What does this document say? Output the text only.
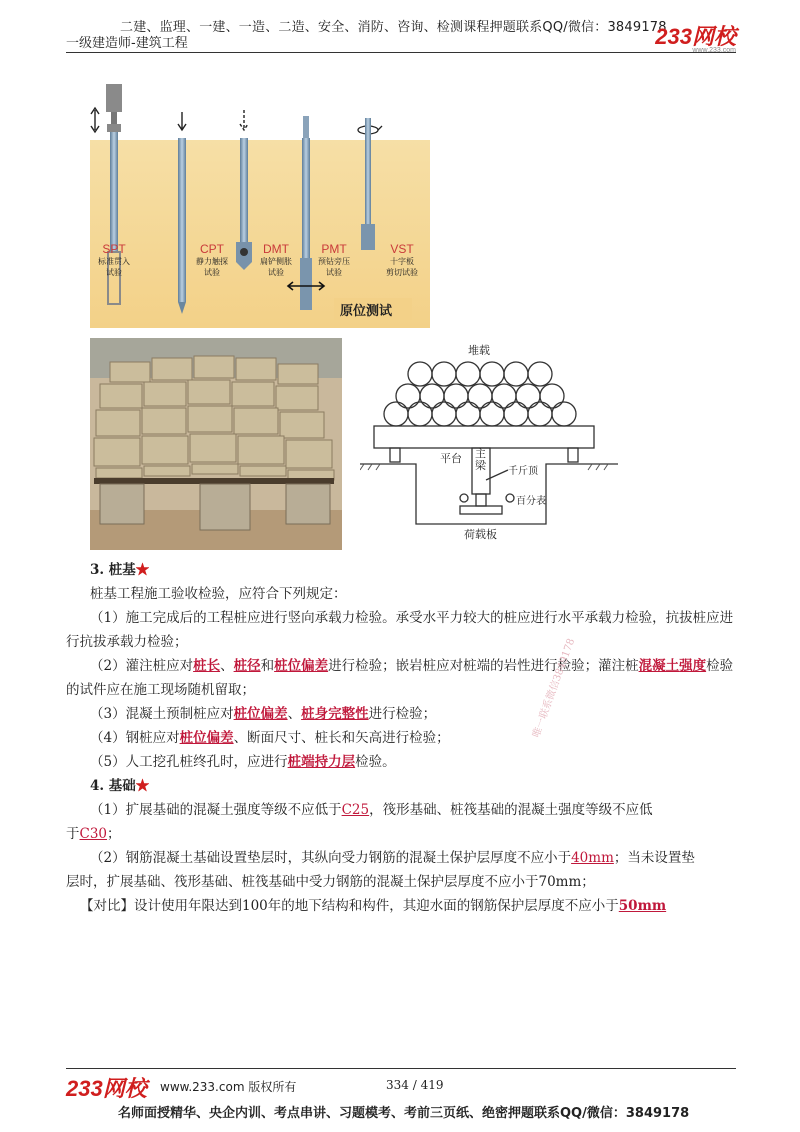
二建、监理、一建、一造、二造、安全、消防、咨询、检测课程押题联系QQ/微信：3849178
一级建造师-建筑工程	233网校
www.233.com
SPT
标准贯入
试验
CPT
静力触探
试验
DMT
扁铲侧胀
试验
PMT
预钻旁压
试验
VST
十字板
剪切试验
原位测试
堆载
平台 主梁 千斤顶
百分表
荷载板
3. 桩基★
桩基工程施工验收检验，应符合下列规定：
（1）施工完成后的工程桩应进行竖向承载力检验。承受水平力较大的桩应进行水平承载力检验，抗拔桩应进行抗拔承载力检验；
（2）灌注桩应对桩长、桩径和桩位偏差进行检验；嵌岩桩应对桩端的岩性进行检验；灌注桩混凝土强度检验的试件应在施工现场随机留取；
（3）混凝土预制桩应对桩位偏差、桩身完整性进行检验；
（4）钢桩应对桩位偏差、断面尺寸、桩长和矢高进行检验；
（5）人工挖孔桩终孔时，应进行桩端持力层检验。
4. 基础★
（1）扩展基础的混凝土强度等级不应低于C25，筏形基础、桩筏基础的混凝土强度等级不应低
于C30；
（2）钢筋混凝土基础设置垫层时，其纵向受力钢筋的混凝土保护层厚度不应小于40mm；当未设置垫
层时，扩展基础、筏形基础、桩筏基础中受力钢筋的混凝土保护层厚度不应小于70mm；
【对比】设计使用年限达到100年的地下结构和构件，其迎水面的钢筋保护层厚度不应小于50mm
唯一联系微信3849178
233网校 www.233.com 版权所有	334 / 419
名师面授精华、央企内训、考点串讲、习题模考、考前三页纸、绝密押题联系QQ/微信：3849178
